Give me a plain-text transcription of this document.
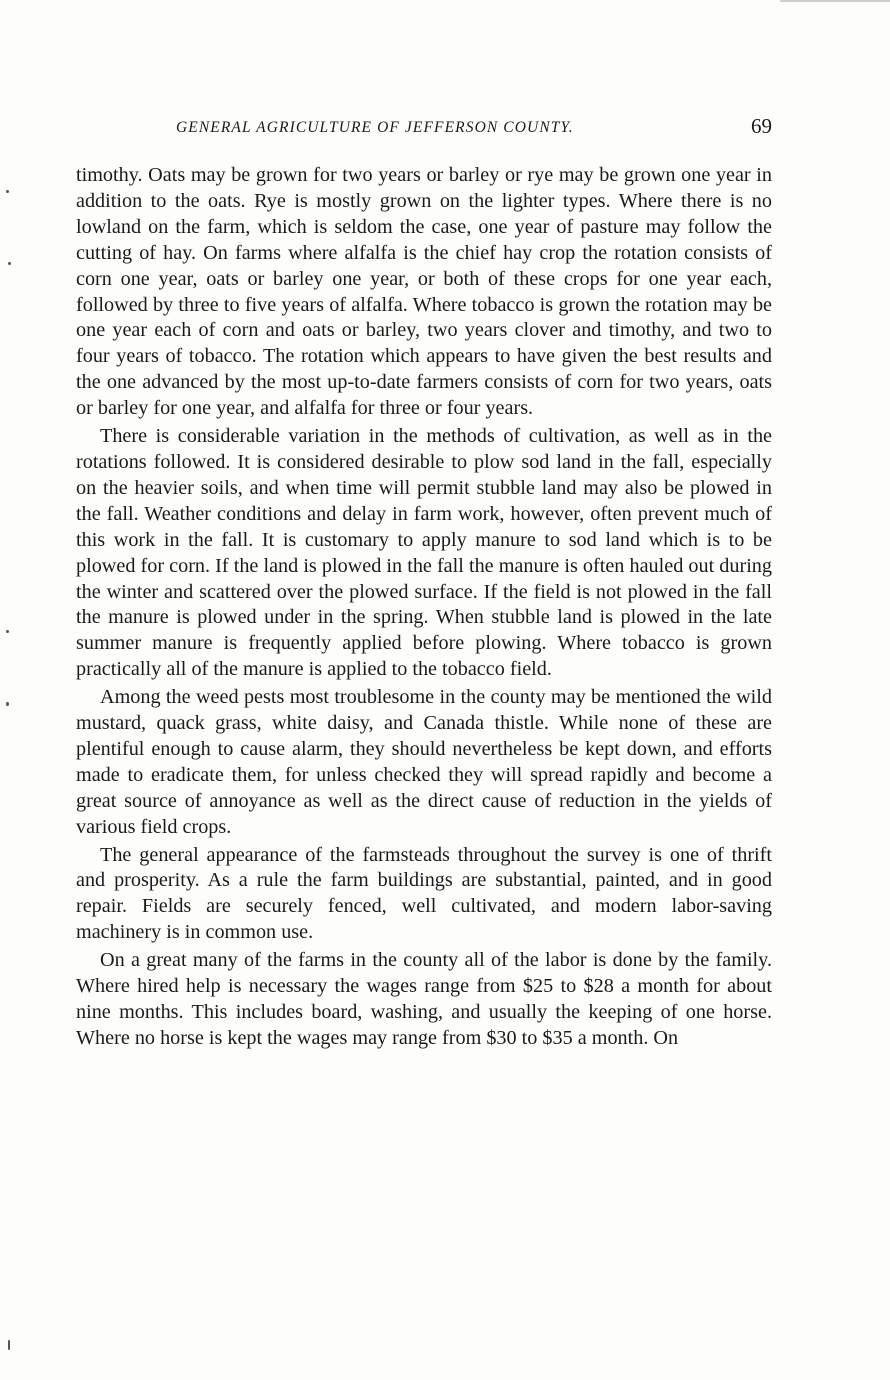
GENERAL AGRICULTURE OF JEFFERSON COUNTY.	69

timothy. Oats may be grown for two years or barley or rye may be grown one year in addition to the oats. Rye is mostly grown on the lighter types. Where there is no lowland on the farm, which is seldom the case, one year of pasture may follow the cutting of hay. On farms where alfalfa is the chief hay crop the rotation consists of corn one year, oats or barley one year, or both of these crops for one year each, followed by three to five years of alfalfa. Where tobacco is grown the rotation may be one year each of corn and oats or barley, two years clover and timothy, and two to four years of tobacco. The rotation which appears to have given the best results and the one advanced by the most up-to-date farmers consists of corn for two years, oats or barley for one year, and alfalfa for three or four years.

There is considerable variation in the methods of cultivation, as well as in the rotations followed. It is considered desirable to plow sod land in the fall, especially on the heavier soils, and when time will permit stubble land may also be plowed in the fall. Weather conditions and delay in farm work, however, often prevent much of this work in the fall. It is customary to apply manure to sod land which is to be plowed for corn. If the land is plowed in the fall the manure is often hauled out during the winter and scattered over the plowed surface. If the field is not plowed in the fall the manure is plowed under in the spring. When stubble land is plowed in the late summer manure is frequently applied before plowing. Where tobacco is grown practically all of the manure is applied to the tobacco field.

Among the weed pests most troublesome in the county may be mentioned the wild mustard, quack grass, white daisy, and Canada thistle. While none of these are plentiful enough to cause alarm, they should nevertheless be kept down, and efforts made to eradicate them, for unless checked they will spread rapidly and become a great source of annoyance as well as the direct cause of reduction in the yields of various field crops.

The general appearance of the farmsteads throughout the survey is one of thrift and prosperity. As a rule the farm buildings are substantial, painted, and in good repair. Fields are securely fenced, well cultivated, and modern labor-saving machinery is in common use.

On a great many of the farms in the county all of the labor is done by the family. Where hired help is necessary the wages range from $25 to $28 a month for about nine months. This includes board, washing, and usually the keeping of one horse. Where no horse is kept the wages may range from $30 to $35 a month. On
